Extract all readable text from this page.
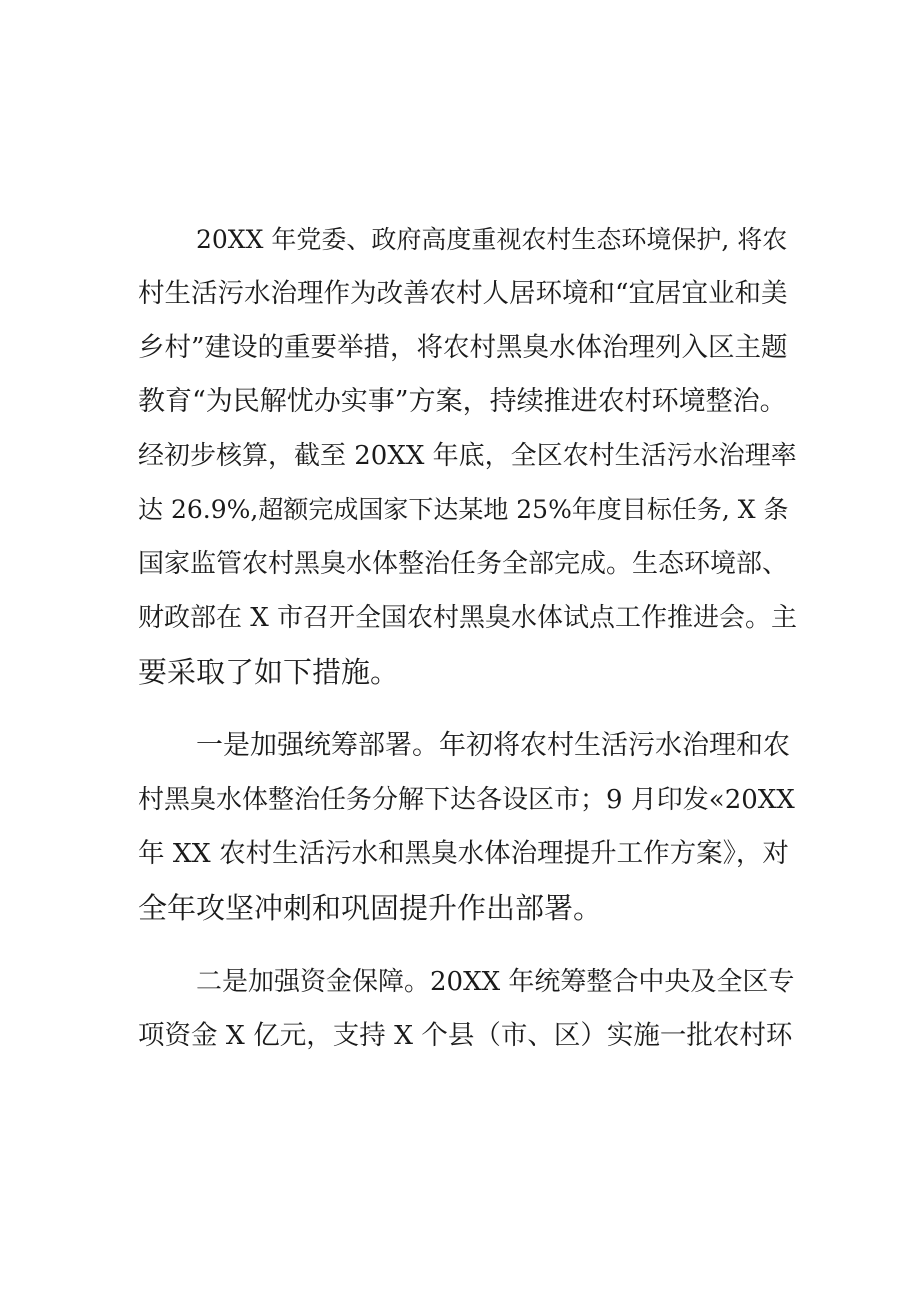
20XX 年党委、政府高度重视农村生态环境保护, 将农
村生活污水治理作为改善农村人居环境和“宜居宜业和美
乡村”建设的重要举措，将农村黑臭水体治理列入区主题
教育“为民解忧办实事”方案，持续推进农村环境整治。
经初步核算，截至 20XX 年底，全区农村生活污水治理率
达 26.9%,超额完成国家下达某地 25%年度目标任务, X 条
国家监管农村黑臭水体整治任务全部完成。生态环境部、
财政部在 X 市召开全国农村黑臭水体试点工作推进会。主
要采取了如下措施。
一是加强统筹部署。年初将农村生活污水治理和农
村黑臭水体整治任务分解下达各设区市；9 月印发«20XX
年 XX 农村生活污水和黑臭水体治理提升工作方案》，对
全年攻坚冲刺和巩固提升作出部署。
二是加强资金保障。20XX 年统筹整合中央及全区专
项资金 X 亿元，支持 X 个县（市、区）实施一批农村环
